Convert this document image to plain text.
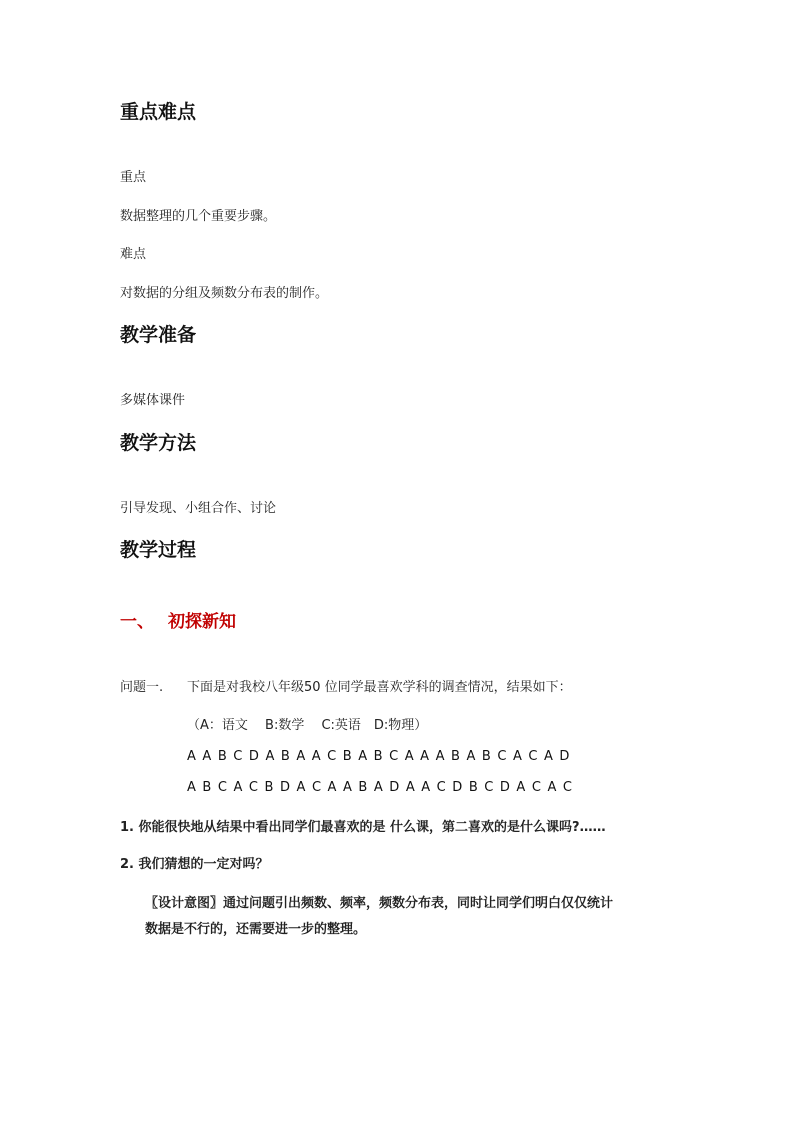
重点难点

重点

数据整理的几个重要步骤。

难点

对数据的分组及频数分布表的制作。

教学准备

多媒体课件

教学方法

引导发现、小组合作、讨论

教学过程
一、 初探新知
问题一. 下面是对我校八年级50 位同学最喜欢学科的调查情况，结果如下：

（A：语文　 B:数学　 C:英语　D:物理）

A A B C D A B A A C B A B C A A A B A B C A C A D

A B C A C B D A C A A B A D A A C D B C D A C A C

1. 你能很快地从结果中看出同学们最喜欢的是 什么课，第二喜欢的是什么课吗?……

2. 我们猜想的一定对吗？

〖设计意图〗通过问题引出频数、频率，频数分布表，同时让同学们明白仅仅统计

数据是不行的，还需要进一步的整理。
